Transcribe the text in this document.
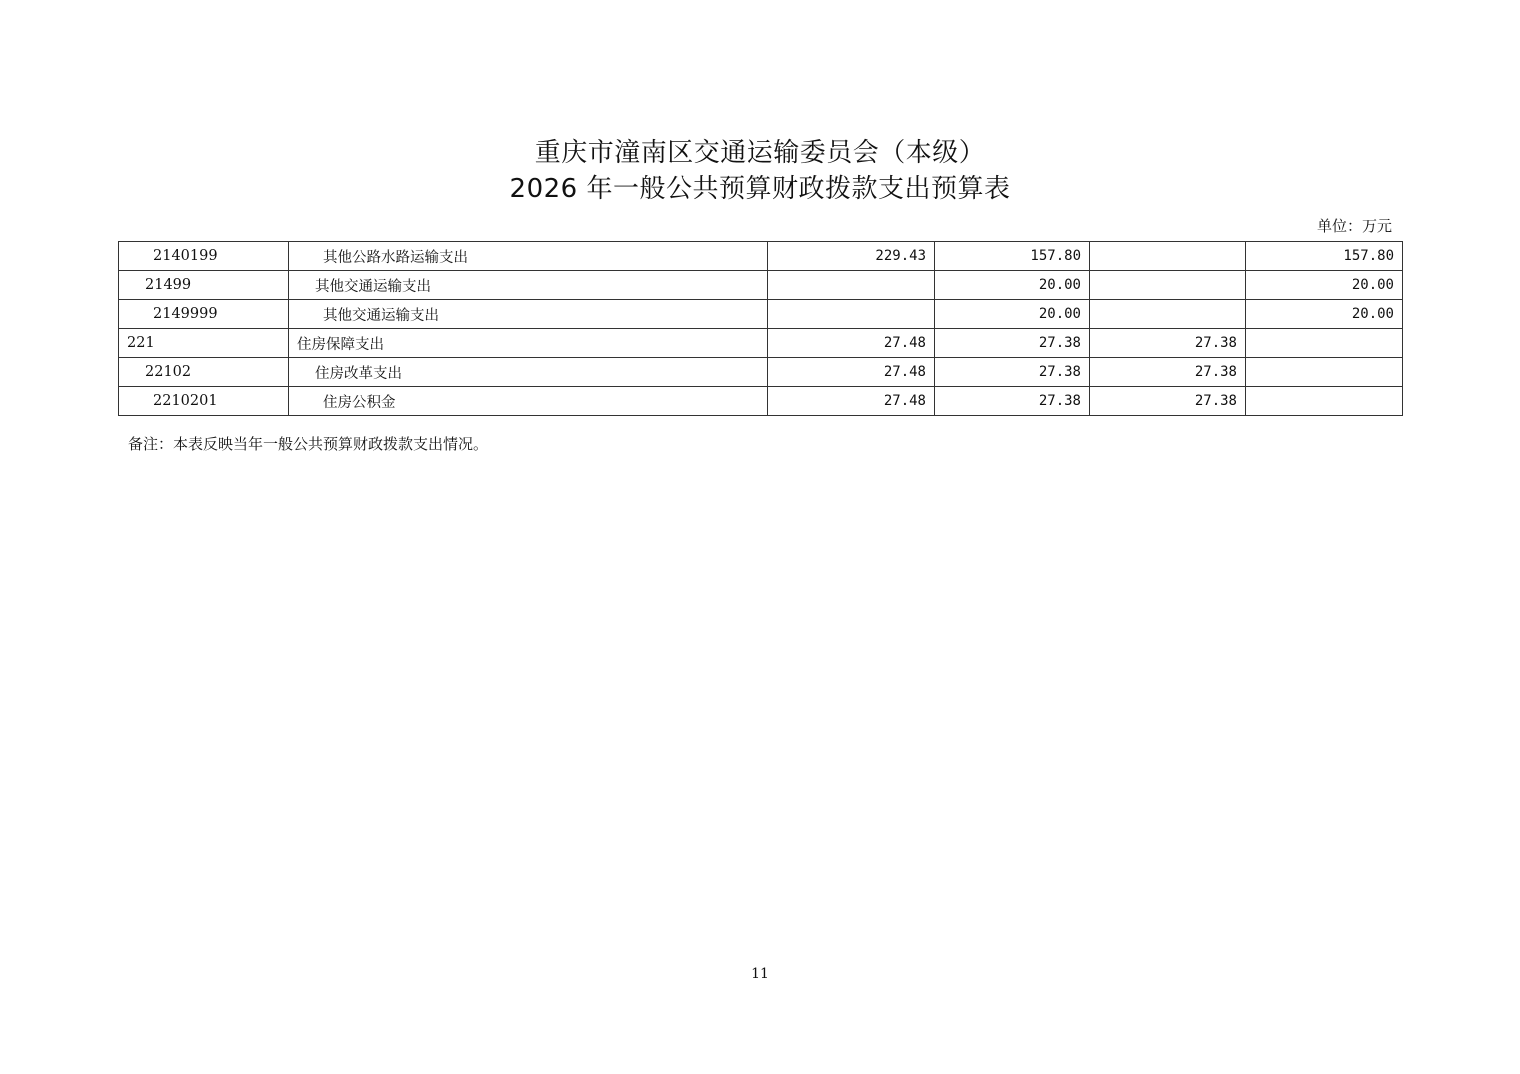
重庆市潼南区交通运输委员会（本级）
2026 年一般公共预算财政拨款支出预算表
单位：万元
2140199	其他公路水路运输支出	229.43	157.80		157.80
21499	其他交通运输支出		20.00		20.00
2149999	其他交通运输支出		20.00		20.00
221	住房保障支出	27.48	27.38	27.38	
22102	住房改革支出	27.48	27.38	27.38	
2210201	住房公积金	27.48	27.38	27.38	
备注：本表反映当年一般公共预算财政拨款支出情况。
11
